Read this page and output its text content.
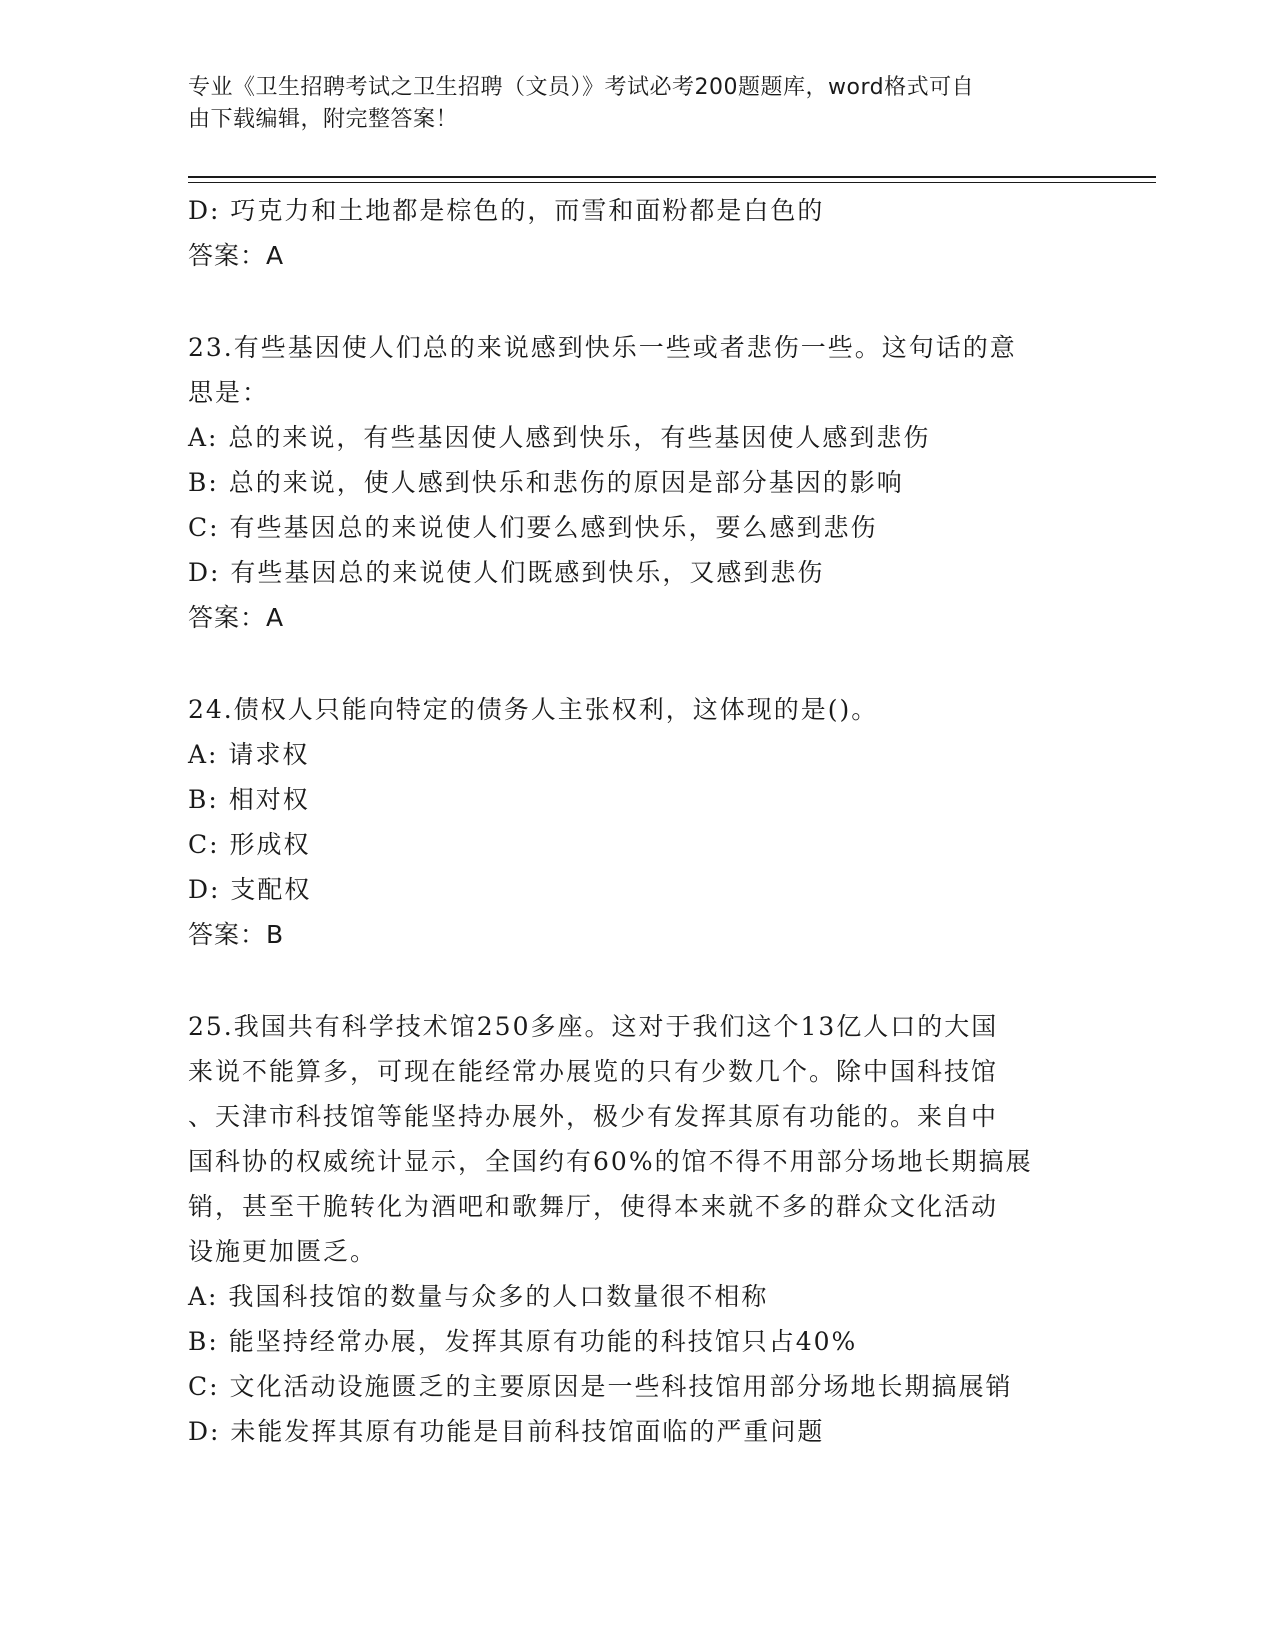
专业《卫生招聘考试之卫生招聘（文员）》考试必考200题题库，word格式可自
由下载编辑，附完整答案！
D: 巧克力和土地都是棕色的，而雪和面粉都是白色的
答案：A
23.有些基因使人们总的来说感到快乐一些或者悲伤一些。这句话的意
思是：
A: 总的来说，有些基因使人感到快乐，有些基因使人感到悲伤
B: 总的来说，使人感到快乐和悲伤的原因是部分基因的影响
C: 有些基因总的来说使人们要么感到快乐，要么感到悲伤
D: 有些基因总的来说使人们既感到快乐，又感到悲伤
答案：A
24.债权人只能向特定的债务人主张权利，这体现的是()。
A: 请求权
B: 相对权
C: 形成权
D: 支配权
答案：B
25.我国共有科学技术馆250多座。这对于我们这个13亿人口的大国
来说不能算多，可现在能经常办展览的只有少数几个。除中国科技馆
、天津市科技馆等能坚持办展外，极少有发挥其原有功能的。来自中
国科协的权威统计显示，全国约有60%的馆不得不用部分场地长期搞展
销，甚至干脆转化为酒吧和歌舞厅，使得本来就不多的群众文化活动
设施更加匮乏。
A: 我国科技馆的数量与众多的人口数量很不相称
B: 能坚持经常办展，发挥其原有功能的科技馆只占40%
C: 文化活动设施匮乏的主要原因是一些科技馆用部分场地长期搞展销
D: 未能发挥其原有功能是目前科技馆面临的严重问题
